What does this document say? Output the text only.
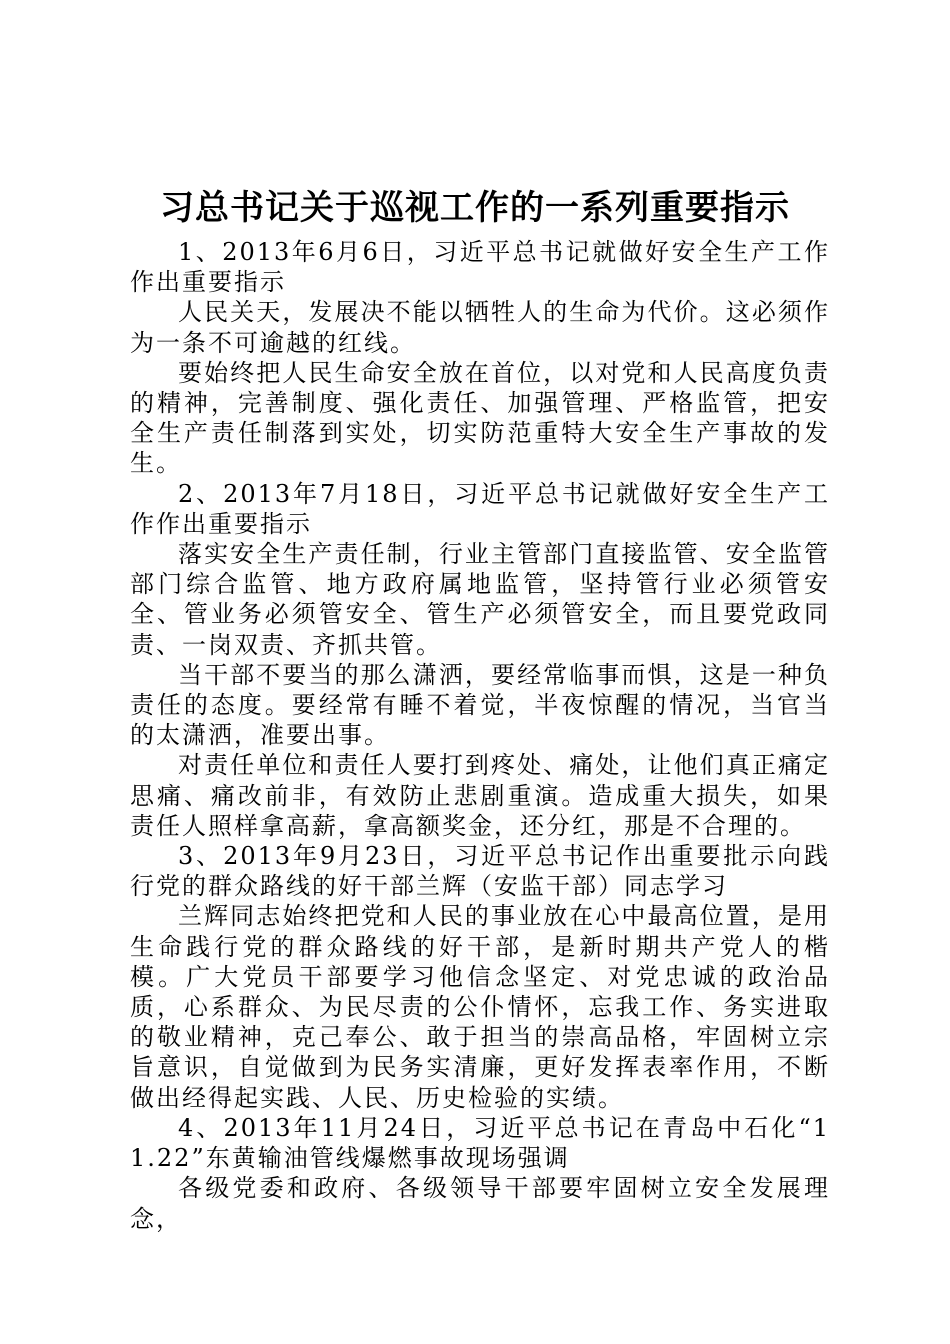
习总书记关于巡视工作的一系列重要指示

1、2013年6月6日，习近平总书记就做好安全生产工作作出重要指示

人民关天，发展决不能以牺牲人的生命为代价。这必须作为一条不可逾越的红线。

要始终把人民生命安全放在首位，以对党和人民高度负责的精神，完善制度、强化责任、加强管理、严格监管，把安全生产责任制落到实处，切实防范重特大安全生产事故的发生。

2、2013年7月18日，习近平总书记就做好安全生产工作作出重要指示

落实安全生产责任制，行业主管部门直接监管、安全监管部门综合监管、地方政府属地监管，坚持管行业必须管安全、管业务必须管安全、管生产必须管安全，而且要党政同责、一岗双责、齐抓共管。

当干部不要当的那么潇洒，要经常临事而惧，这是一种负责任的态度。要经常有睡不着觉，半夜惊醒的情况，当官当的太潇洒，准要出事。

对责任单位和责任人要打到疼处、痛处，让他们真正痛定思痛、痛改前非，有效防止悲剧重演。造成重大损失，如果责任人照样拿高薪，拿高额奖金，还分红，那是不合理的。

3、2013年9月23日，习近平总书记作出重要批示向践行党的群众路线的好干部兰辉（安监干部）同志学习

兰辉同志始终把党和人民的事业放在心中最高位置，是用生命践行党的群众路线的好干部，是新时期共产党人的楷模。广大党员干部要学习他信念坚定、对党忠诚的政治品质，心系群众、为民尽责的公仆情怀，忘我工作、务实进取的敬业精神，克己奉公、敢于担当的崇高品格，牢固树立宗旨意识，自觉做到为民务实清廉，更好发挥表率作用，不断做出经得起实践、人民、历史检验的实绩。

4、2013年11月24日，习近平总书记在青岛中石化“11.22”东黄输油管线爆燃事故现场强调

各级党委和政府、各级领导干部要牢固树立安全发展理念，
